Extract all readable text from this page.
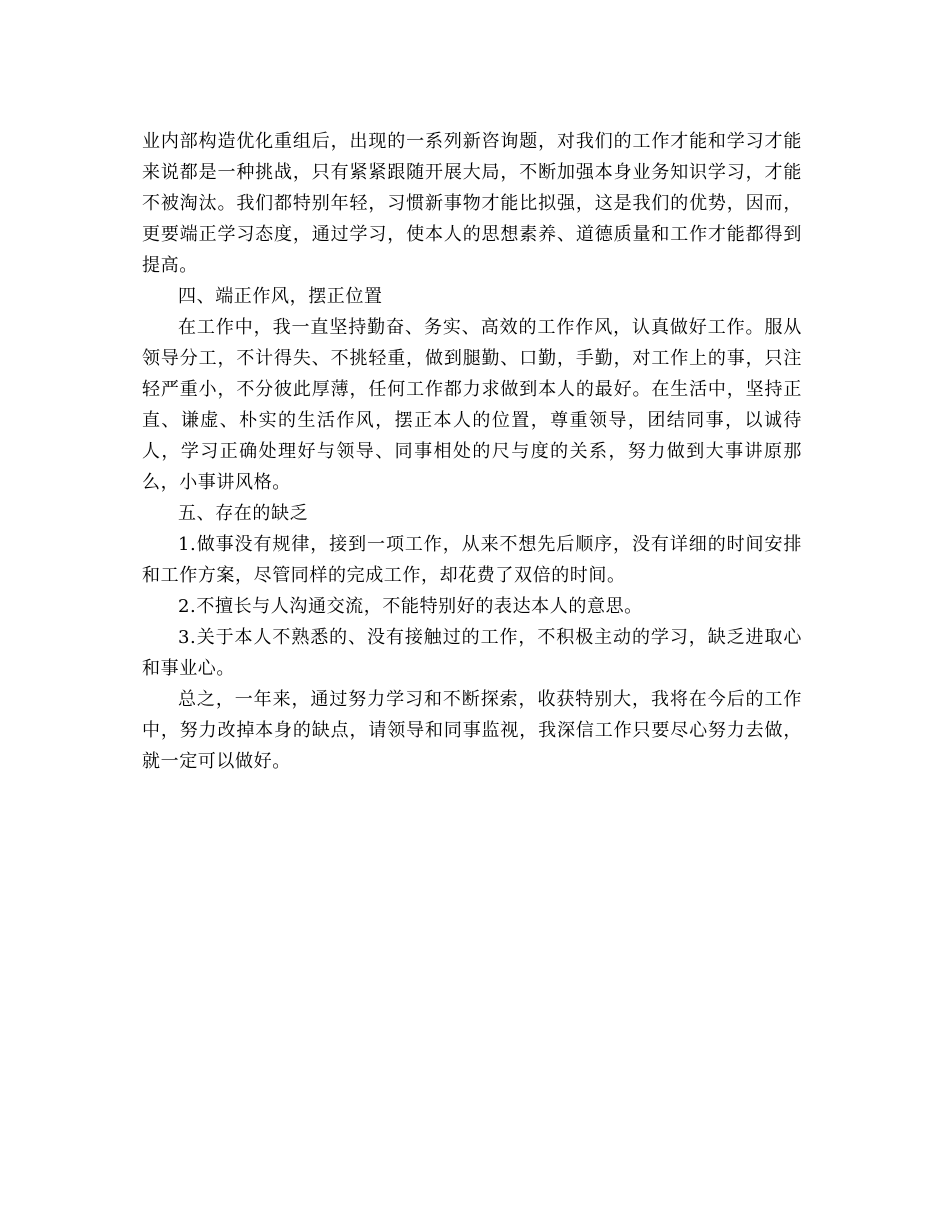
业内部构造优化重组后，出现的一系列新咨询题，对我们的工作才能和学习才能来说都是一种挑战，只有紧紧跟随开展大局，不断加强本身业务知识学习，才能不被淘汰。我们都特别年轻，习惯新事物才能比拟强，这是我们的优势，因而，更要端正学习态度，通过学习，使本人的思想素养、道德质量和工作才能都得到提高。

四、端正作风，摆正位置

在工作中，我一直坚持勤奋、务实、高效的工作作风，认真做好工作。服从领导分工，不计得失、不挑轻重，做到腿勤、口勤，手勤，对工作上的事，只注轻严重小，不分彼此厚薄，任何工作都力求做到本人的最好。在生活中，坚持正直、谦虚、朴实的生活作风，摆正本人的位置，尊重领导，团结同事，以诚待人，学习正确处理好与领导、同事相处的尺与度的关系，努力做到大事讲原那么，小事讲风格。

五、存在的缺乏

1.做事没有规律，接到一项工作，从来不想先后顺序，没有详细的时间安排和工作方案，尽管同样的完成工作，却花费了双倍的时间。

2.不擅长与人沟通交流，不能特别好的表达本人的意思。

3.关于本人不熟悉的、没有接触过的工作，不积极主动的学习，缺乏进取心和事业心。

总之，一年来，通过努力学习和不断探索，收获特别大，我将在今后的工作中，努力改掉本身的缺点，请领导和同事监视，我深信工作只要尽心努力去做，就一定可以做好。
